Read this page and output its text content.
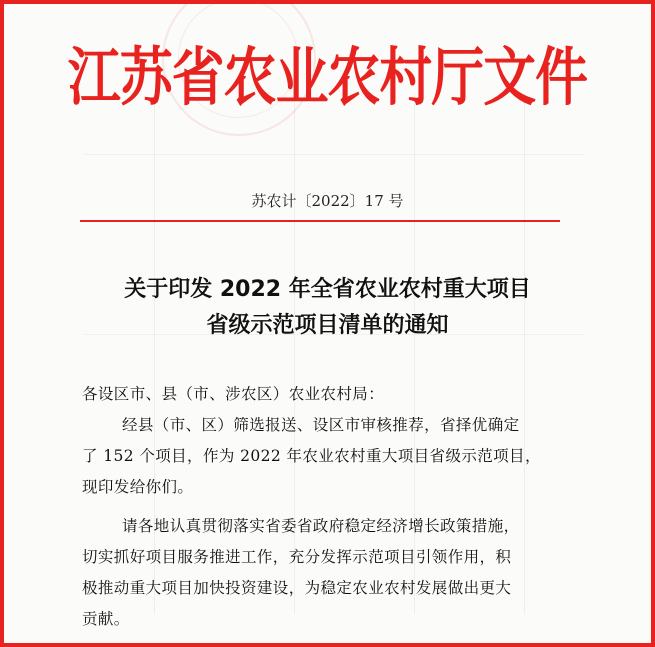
江苏省农业农村厅文件
苏农计〔2022〕17 号
关于印发 2022 年全省农业农村重大项目
省级示范项目清单的通知
各设区市、县（市、涉农区）农业农村局：
经县（市、区）筛选报送、设区市审核推荐，省择优确定
了 152 个项目，作为 2022 年农业农村重大项目省级示范项目，
现印发给你们。
请各地认真贯彻落实省委省政府稳定经济增长政策措施，
切实抓好项目服务推进工作，充分发挥示范项目引领作用，积
极推动重大项目加快投资建设，为稳定农业农村发展做出更大
贡献。
